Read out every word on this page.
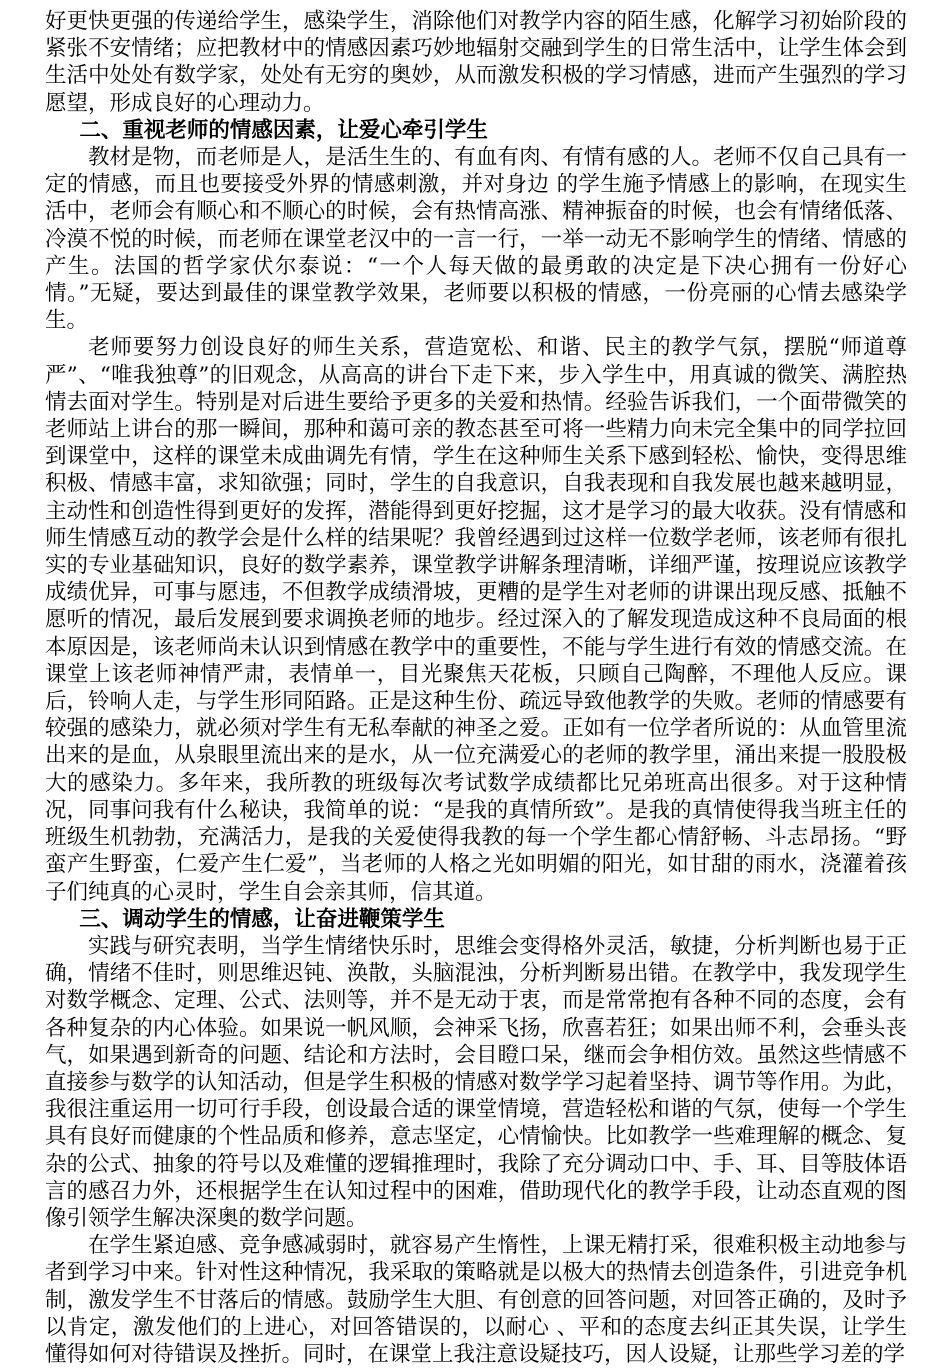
好更快更强的传递给学生，感染学生，消除他们对教学内容的陌生感，化解学习初始阶段的紧张不安情绪；应把教材中的情感因素巧妙地辐射交融到学生的日常生活中，让学生体会到生活中处处有数学家，处处有无穷的奥妙，从而激发积极的学习情感，进而产生强烈的学习愿望，形成良好的心理动力。

二、重视老师的情感因素，让爱心牵引学生

教材是物，而老师是人，是活生生的、有血有肉、有情有感的人。老师不仅自己具有一定的情感，而且也要接受外界的情感刺激，并对身边 的学生施予情感上的影响，在现实生活中，老师会有顺心和不顺心的时候，会有热情高涨、精神振奋的时候，也会有情绪低落、冷漠不悦的时候，而老师在课堂老汉中的一言一行，一举一动无不影响学生的情绪、情感的产生。法国的哲学家伏尔泰说：“一个人每天做的最勇敢的决定是下决心拥有一份好心情。”无疑，要达到最佳的课堂教学效果，老师要以积极的情感，一份亮丽的心情去感染学生。

老师要努力创设良好的师生关系，营造宽松、和谐、民主的教学气氛，摆脱“师道尊严”、“唯我独尊”的旧观念，从高高的讲台下走下来，步入学生中，用真诚的微笑、满腔热情去面对学生。特别是对后进生要给予更多的关爱和热情。经验告诉我们，一个面带微笑的老师站上讲台的那一瞬间，那种和蔼可亲的教态甚至可将一些精力向未完全集中的同学拉回到课堂中，这样的课堂未成曲调先有情，学生在这种师生关系下感到轻松、愉快，变得思维积极、情感丰富，求知欲强；同时，学生的自我意识，自我表现和自我发展也越来越明显，主动性和创造性得到更好的发挥，潜能得到更好挖掘，这才是学习的最大收获。没有情感和师生情感互动的教学会是什么样的结果呢？我曾经遇到过这样一位数学老师，该老师有很扎实的专业基础知识，良好的数学素养，课堂教学讲解条理清晰，详细严谨，按理说应该教学成绩优异，可事与愿违，不但教学成绩滑坡，更糟的是学生对老师的讲课出现反感、抵触不愿听的情况，最后发展到要求调换老师的地步。经过深入的了解发现造成这种不良局面的根本原因是，该老师尚未认识到情感在教学中的重要性，不能与学生进行有效的情感交流。在课堂上该老师神情严肃，表情单一，目光聚焦天花板，只顾自己陶醉，不理他人反应。课后，铃响人走，与学生形同陌路。正是这种生份、疏远导致他教学的失败。老师的情感要有较强的感染力，就必须对学生有无私奉献的神圣之爱。正如有一位学者所说的：从血管里流出来的是血，从泉眼里流出来的是水，从一位充满爱心的老师的教学里，涌出来提一股股极大的感染力。多年来，我所教的班级每次考试数学成绩都比兄弟班高出很多。对于这种情况，同事问我有什么秘诀，我简单的说：“是我的真情所致”。是我的真情使得我当班主任的班级生机勃勃，充满活力，是我的关爱使得我教的每一个学生都心情舒畅、斗志昂扬。“野蛮产生野蛮，仁爱产生仁爱”，当老师的人格之光如明媚的阳光，如甘甜的雨水，浇灌着孩子们纯真的心灵时，学生自会亲其师，信其道。

三、调动学生的情感，让奋进鞭策学生

实践与研究表明，当学生情绪快乐时，思维会变得格外灵活，敏捷，分析判断也易于正确，情绪不佳时，则思维迟钝、涣散，头脑混浊，分析判断易出错。在教学中，我发现学生对数学概念、定理、公式、法则等，并不是无动于衷，而是常常抱有各种不同的态度，会有各种复杂的内心体验。如果说一帆风顺，会神采飞扬，欣喜若狂；如果出师不利，会垂头丧气，如果遇到新奇的问题、结论和方法时，会目瞪口呆，继而会争相仿效。虽然这些情感不直接参与数学的认知活动，但是学生积极的情感对数学学习起着坚持、调节等作用。为此，我很注重运用一切可行手段，创设最合适的课堂情境，营造轻松和谐的气氛，使每一个学生具有良好而健康的个性品质和修养，意志坚定，心情愉快。比如教学一些难理解的概念、复杂的公式、抽象的符号以及难懂的逻辑推理时，我除了充分调动口中、手、耳、目等肢体语言的感召力外，还根据学生在认知过程中的困难，借助现代化的教学手段，让动态直观的图像引领学生解决深奥的数学问题。

在学生紧迫感、竞争感减弱时，就容易产生惰性，上课无精打采，很难积极主动地参与者到学习中来。针对性这种情况，我采取的策略就是以极大的热情去创造条件，引进竞争机制，激发学生不甘落后的情感。鼓励学生大胆、有创意的回答问题，对回答正确的，及时予以肯定，激发他们的上进心，对回答错误的，以耐心 、平和的态度去纠正其失误，让学生懂得如何对待错误及挫折。同时，在课堂上我注意设疑技巧，因人设疑，让那些学习差的学
